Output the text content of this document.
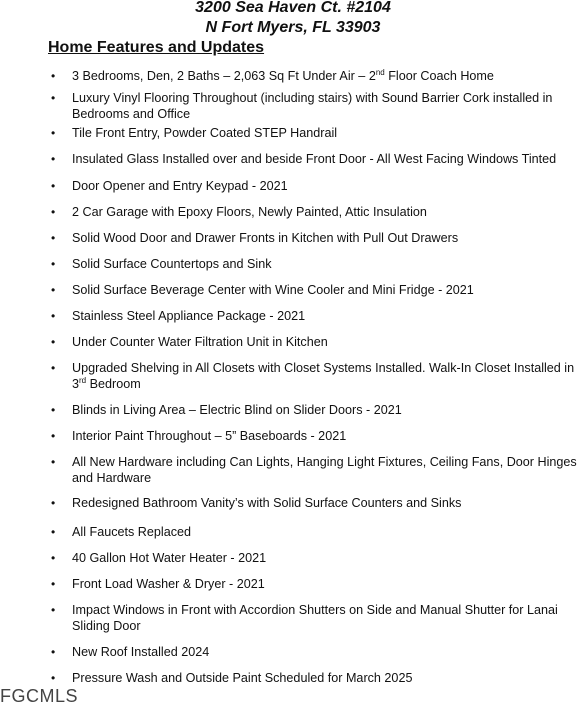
3200 Sea Haven Ct. #2104

N Fort Myers, FL 33903

Home Features and Updates
• 3 Bedrooms, Den, 2 Baths – 2,063 Sq Ft Under Air – 2nd Floor Coach Home
• Luxury Vinyl Flooring Throughout (including stairs) with Sound Barrier Cork installed in Bedrooms and Office
• Tile Front Entry, Powder Coated STEP Handrail
• Insulated Glass Installed over and beside Front Door - All West Facing Windows Tinted
• Door Opener and Entry Keypad - 2021
• 2 Car Garage with Epoxy Floors, Newly Painted, Attic Insulation
• Solid Wood Door and Drawer Fronts in Kitchen with Pull Out Drawers
• Solid Surface Countertops and Sink
• Solid Surface Beverage Center with Wine Cooler and Mini Fridge - 2021
• Stainless Steel Appliance Package - 2021
• Under Counter Water Filtration Unit in Kitchen
• Upgraded Shelving in All Closets with Closet Systems Installed. Walk-In Closet Installed in 3rd Bedroom
• Blinds in Living Area – Electric Blind on Slider Doors - 2021
• Interior Paint Throughout – 5” Baseboards - 2021
• All New Hardware including Can Lights, Hanging Light Fixtures, Ceiling Fans, Door Hinges and Hardware
• Redesigned Bathroom Vanity’s with Solid Surface Counters and Sinks
• All Faucets Replaced
• 40 Gallon Hot Water Heater - 2021
• Front Load Washer & Dryer - 2021
• Impact Windows in Front with Accordion Shutters on Side and Manual Shutter for Lanai Sliding Door
• New Roof Installed 2024
• Pressure Wash and Outside Paint Scheduled for March 2025

FGCMLS
